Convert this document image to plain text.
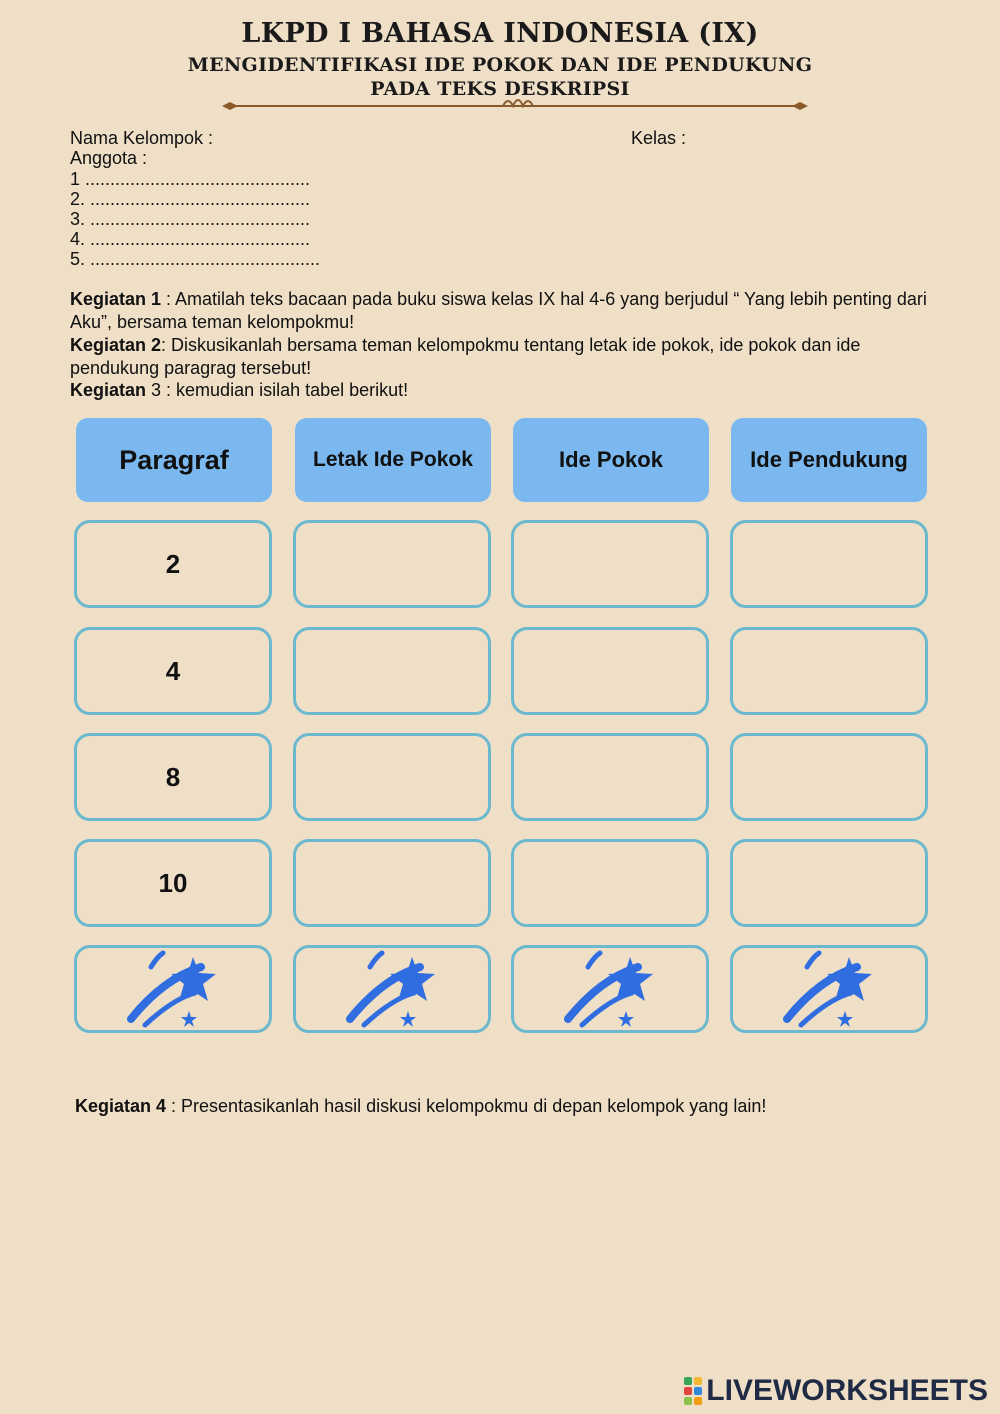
LKPD I BAHASA INDONESIA (IX)
MENGIDENTIFIKASI IDE POKOK DAN IDE PENDUKUNG
PADA TEKS DESKRIPSI
Nama Kelompok :	Kelas :
Anggota :
1 .............................................
2. ............................................
3. ............................................
4. ............................................
5. ..............................................
Kegiatan 1 : Amatilah teks bacaan pada buku siswa kelas IX hal 4-6 yang berjudul “ Yang lebih penting dari Aku”, bersama teman kelompokmu!
Kegiatan 2: Diskusikanlah bersama teman kelompokmu tentang letak ide pokok, ide pokok dan ide pendukung paragrag tersebut!
Kegiatan 3 : kemudian isilah tabel berikut!
Paragraf	Letak Ide Pokok	Ide Pokok	Ide Pendukung
2
4
8
10
Kegiatan 4 : Presentasikanlah hasil diskusi kelompokmu di depan kelompok yang lain!
LIVEWORKSHEETS
